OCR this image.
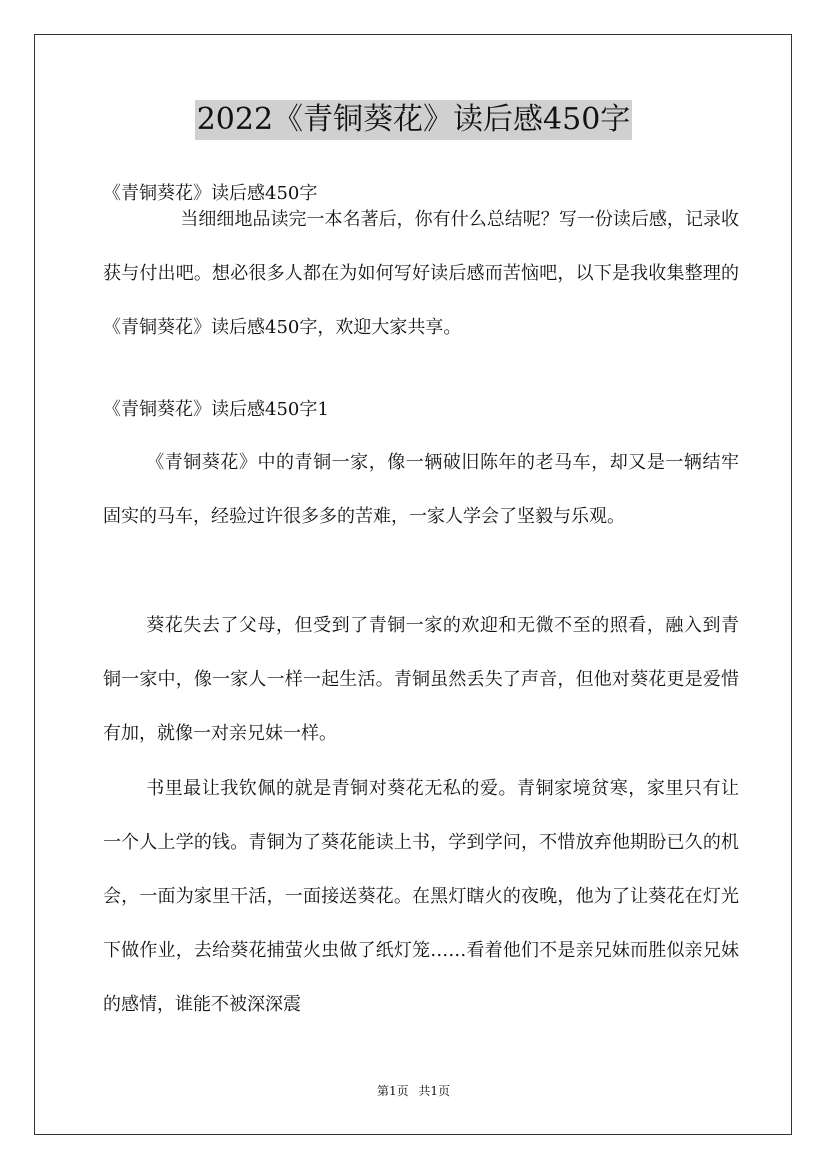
2022《青铜葵花》读后感450字
《青铜葵花》读后感450字
当细细地品读完一本名著后，你有什么总结呢？写一份读后感，记录收获与付出吧。想必很多人都在为如何写好读后感而苦恼吧，以下是我收集整理的《青铜葵花》读后感450字，欢迎大家共享。
《青铜葵花》读后感450字1
《青铜葵花》中的青铜一家，像一辆破旧陈年的老马车，却又是一辆结牢固实的马车，经验过许很多多的苦难，一家人学会了坚毅与乐观。
葵花失去了父母，但受到了青铜一家的欢迎和无微不至的照看，融入到青铜一家中，像一家人一样一起生活。青铜虽然丢失了声音，但他对葵花更是爱惜有加，就像一对亲兄妹一样。
书里最让我钦佩的就是青铜对葵花无私的爱。青铜家境贫寒，家里只有让一个人上学的钱。青铜为了葵花能读上书，学到学问，不惜放弃他期盼已久的机会，一面为家里干活，一面接送葵花。在黑灯瞎火的夜晚，他为了让葵花在灯光下做作业，去给葵花捕萤火虫做了纸灯笼……看着他们不是亲兄妹而胜似亲兄妹的感情，谁能不被深深震
第1页 共1页
